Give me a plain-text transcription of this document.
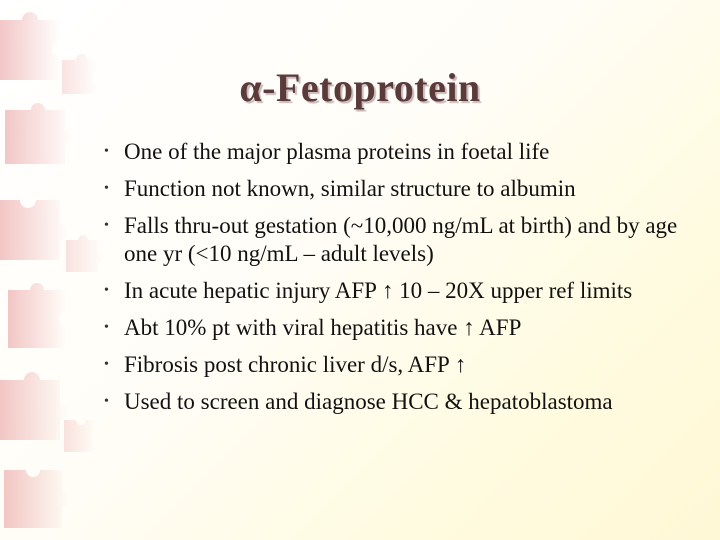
α-Fetoprotein
• One of the major plasma proteins in foetal life
• Function not known, similar structure to albumin
• Falls thru-out gestation (~10,000 ng/mL at birth) and by age one yr (<10 ng/mL – adult levels)
• In acute hepatic injury AFP ↑ 10 – 20X upper ref limits
• Abt 10% pt with viral hepatitis have ↑ AFP
• Fibrosis post chronic liver d/s, AFP ↑
• Used to screen and diagnose HCC & hepatoblastoma
